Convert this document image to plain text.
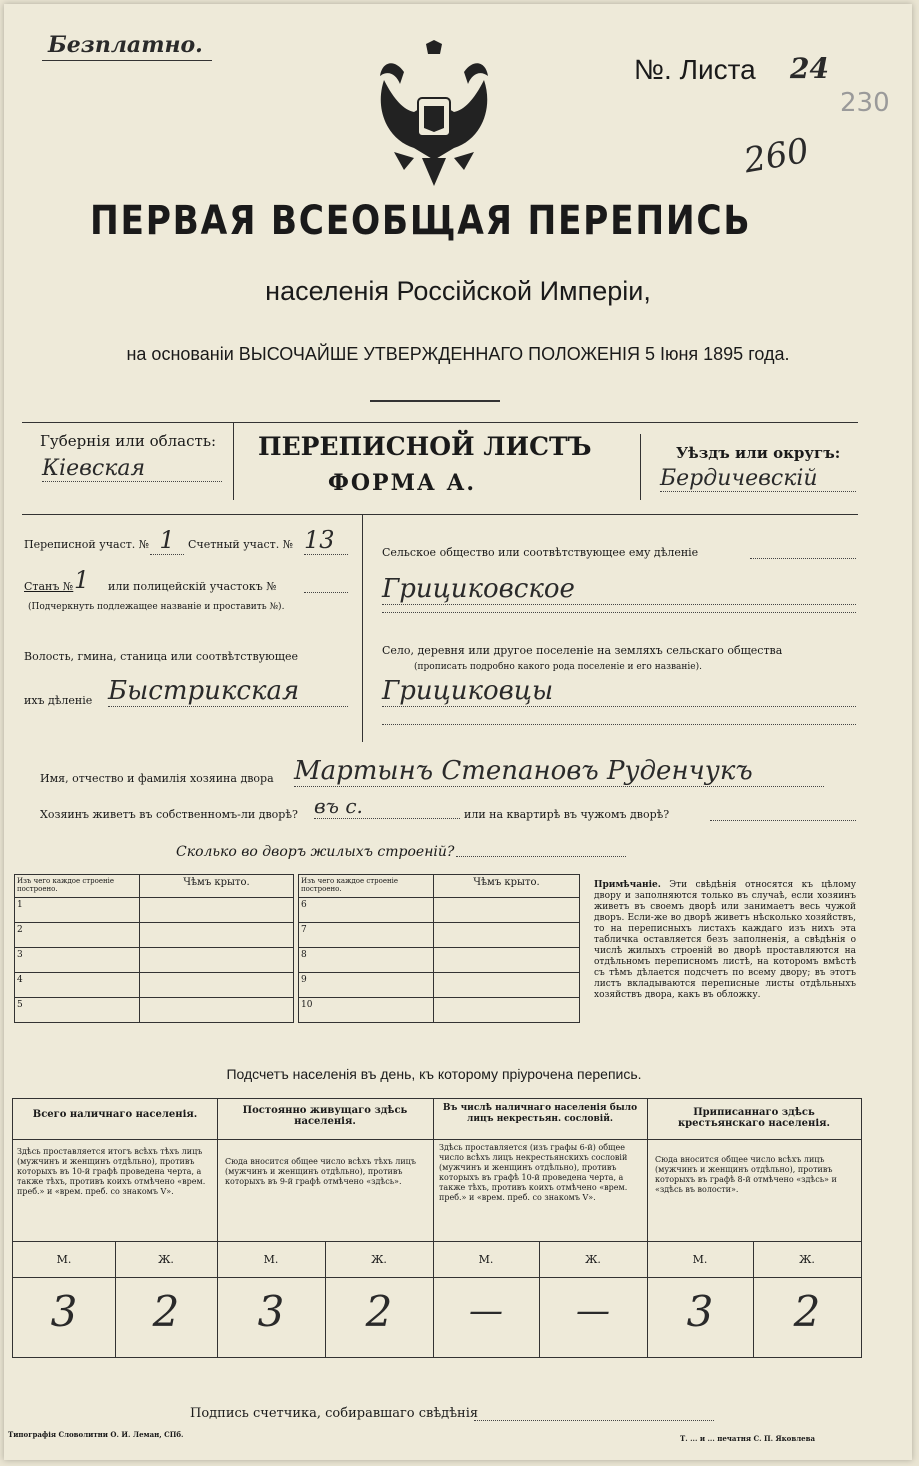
Безплатно.
№. Листа 24
230
260
ПЕРВАЯ ВСЕОБЩАЯ ПЕРЕПИСЬ
населенія Россійской Имперіи,
на основаніи ВЫСОЧАЙШЕ УТВЕРЖДЕННАГО ПОЛОЖЕНІЯ 5 Іюня 1895 года.
Губернія или область:
Кіевская
ПЕРЕПИСНОЙ ЛИСТЪ
ФОРМА А.
Уѣздъ или округъ:
Бердичевскій
Переписной участ. № 1	Счетный участ. № 13
Станъ № 1 или полицейскій участокъ №
(Подчеркнуть подлежащее названіе и проставить №).
Волость, гмина, станица или соотвѣтствующее
ихъ дѣленіе Быстрикская
Сельское общество или соотвѣтствующее ему дѣленіе
Грициковское
Село, деревня или другое поселеніе на земляхъ сельскаго общества
(прописать подробно какого рода поселеніе и его названіе).
Грициковцы
Имя, отчество и фамилія хозяина двора Мартынъ Степановъ Руденчукъ
Хозяинъ живетъ въ собственномъ-ли дворѣ? въ с.	или на квартирѣ въ чужомъ дворѣ?
Сколько во дворъ жилыхъ строеній?
Изъ чего каждое строеніе построено.	Чѣмъ крыто.
1	
2	
3	
4	
5	
Изъ чего каждое строеніе построено.	Чѣмъ крыто.
6	
7	
8	
9	
10	
Примѣчаніе. Эти свѣдѣнія относятся къ цѣлому двору и заполняются только въ случаѣ, если хозяинъ живетъ въ своемъ дворѣ или занимаетъ весь чужой дворъ. Если-же во дворѣ живетъ нѣсколько хозяйствъ, то на переписныхъ листахъ каждаго изъ нихъ эта табличка оставляется безъ заполненія, а свѣдѣнія о числѣ жилыхъ строеній во дворѣ проставляются на отдѣльномъ переписномъ листѣ, на которомъ вмѣстѣ съ тѣмъ дѣлается подсчетъ по всему двору; въ этотъ листъ вкладываются переписные листы отдѣльныхъ хозяйствъ двора, какъ въ обложку.
Подсчетъ населенія въ день, къ которому пріурочена перепись.
Всего наличнаго населенія.
Здѣсь проставляется итогъ всѣхъ тѣхъ лицъ (мужчинъ и женщинъ отдѣльно), противъ которыхъ въ 10-й графѣ проведена черта, а также тѣхъ, противъ коихъ отмѣчено «врем. преб.» и «врем. преб. со знакомъ V».
М.	Ж.
3	2
Постоянно живущаго здѣсь населенія.
Сюда вносится общее число всѣхъ тѣхъ лицъ (мужчинъ и женщинъ отдѣльно), противъ которыхъ въ 9-й графѣ отмѣчено «здѣсь».
М.	Ж.
3	2
Въ числѣ наличнаго населенія было лицъ некрестьян. сословій.
Здѣсь проставляется (изъ графы 6-й) общее число всѣхъ лицъ некрестьянскихъ сословій (мужчинъ и женщинъ отдѣльно), противъ которыхъ въ графѣ 10-й проведена черта, а также тѣхъ, противъ коихъ отмѣчено «врем. преб.» и «врем. преб. со знакомъ V».
М.	Ж.
—	—
Приписаннаго здѣсь крестьянскаго населенія.
Сюда вносится общее число всѣхъ лицъ (мужчинъ и женщинъ отдѣльно), противъ которыхъ въ графѣ 8-й отмѣчено «здѣсь» и «здѣсь въ волости».
М.	Ж.
3	2
Подпись счетчика, собиравшаго свѣдѣнія
Типографія Словолитни О. И. Леман, СПб.	Т. ... и ... печатня С. П. Яковлева
